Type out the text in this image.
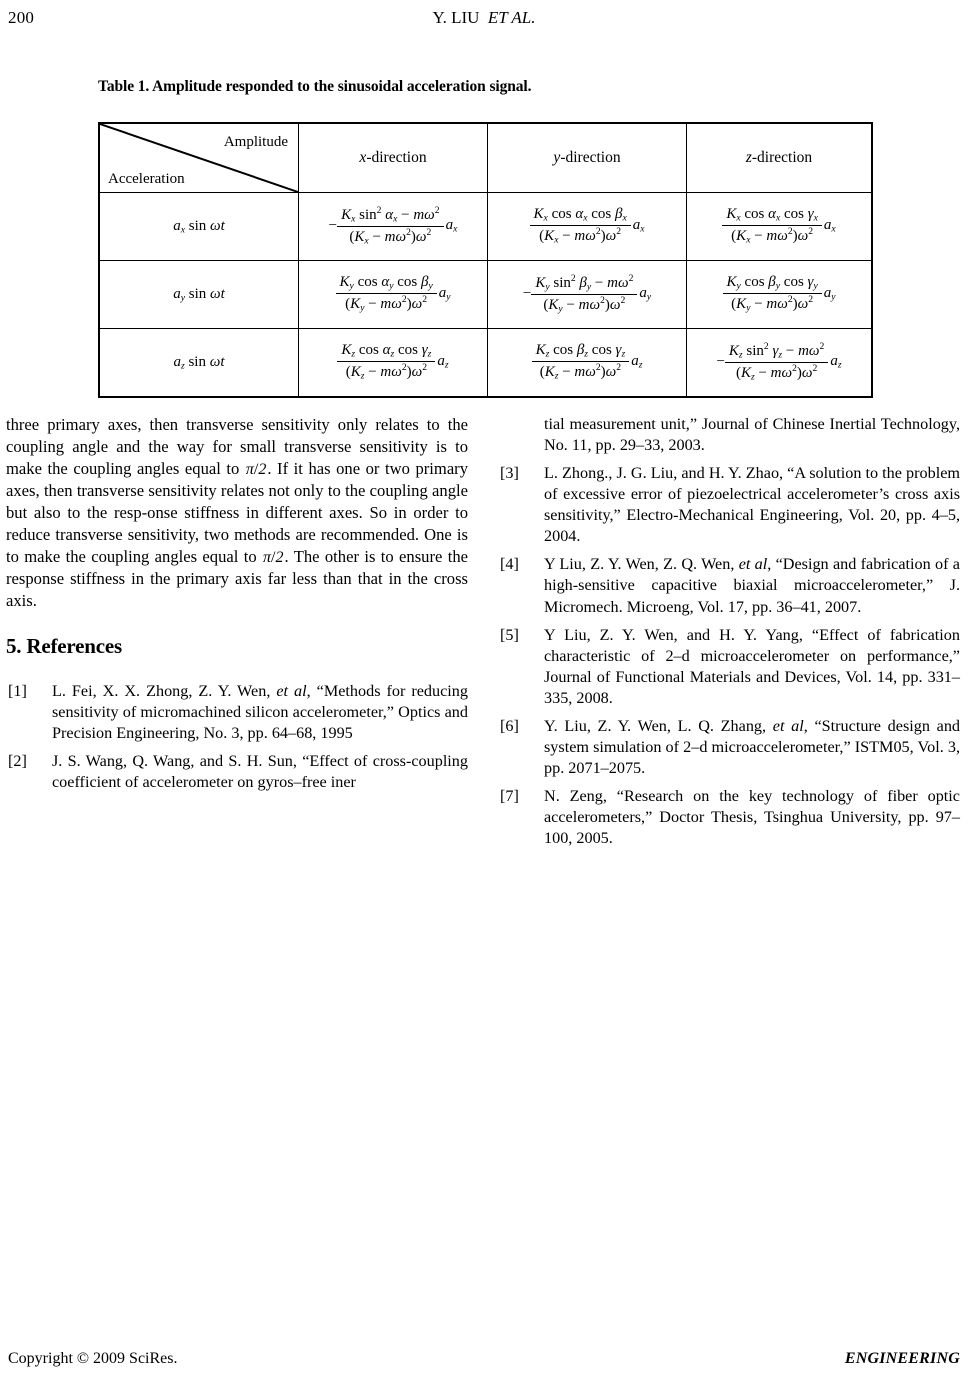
200	Y. LIU ET AL.
Table 1. Amplitude responded to the sinusoidal acceleration signal.
Amplitude
Acceleration	x-direction	y-direction	z-direction
$a_x$ sin ωt	− $\frac{K_x \sin^2 \alpha_x - m\omega^2}{(K_x - m\omega^2)\omega^2} a_x$	$\frac{K_x \cos \alpha_x \cos \beta_x}{(K_x - m\omega^2)\omega^2} a_x$	$\frac{K_x \cos \alpha_x \cos \gamma_x}{(K_x - m\omega^2)\omega^2} a_x$
$a_y$ sin ωt	$\frac{K_y \cos \alpha_y \cos \beta_y}{(K_y - m\omega^2)\omega^2} a_y$	− $\frac{K_y \sin^2 \beta_y - m\omega^2}{(K_y - m\omega^2)\omega^2} a_y$	$\frac{K_y \cos \beta_y \cos \gamma_y}{(K_y - m\omega^2)\omega^2} a_y$
$a_z$ sin ωt	$\frac{K_z \cos \alpha_z \cos \gamma_z}{(K_z - m\omega^2)\omega^2} a_z$	$\frac{K_z \cos \beta_z \cos \gamma_z}{(K_z - m\omega^2)\omega^2} a_z$	− $\frac{K_z \sin^2 \gamma_z - m\omega^2}{(K_z - m\omega^2)\omega^2} a_z$

three primary axes, then transverse sensitivity only relates to the coupling angle and the way for small transverse sensitivity is to make the coupling angles equal to π/2. If it has one or two primary axes, then transverse sensitivity relates not only to the coupling angle but also to the resp-onse stiffness in different axes. So in order to reduce transverse sensitivity, two methods are recommended. One is to make the coupling angles equal to π/2. The other is to ensure the response stiffness in the primary axis far less than that in the cross axis.

5. References
[1] L. Fei, X. X. Zhong, Z. Y. Wen, et al, “Methods for reducing sensitivity of micromachined silicon accelerometer,” Optics and Precision Engineering, No. 3, pp. 64–68, 1995
[2] J. S. Wang, Q. Wang, and S. H. Sun, “Effect of cross-coupling coefficient of accelerometer on gyros–free iner
tial measurement unit,” Journal of Chinese Inertial Technology, No. 11, pp. 29–33, 2003.
[3] L. Zhong., J. G. Liu, and H. Y. Zhao, “A solution to the problem of excessive error of piezoelectrical accelerometer’s cross axis sensitivity,” Electro-Mechanical Engineering, Vol. 20, pp. 4–5, 2004.
[4] Y Liu, Z. Y. Wen, Z. Q. Wen, et al, “Design and fabrication of a high-sensitive capacitive biaxial microaccelerometer,” J. Micromech. Microeng, Vol. 17, pp. 36–41, 2007.
[5] Y Liu, Z. Y. Wen, and H. Y. Yang, “Effect of fabrication characteristic of 2–d microaccelerometer on performance,” Journal of Functional Materials and Devices, Vol. 14, pp. 331–335, 2008.
[6] Y. Liu, Z. Y. Wen, L. Q. Zhang, et al, “Structure design and system simulation of 2–d microaccelerometer,” ISTM05, Vol. 3, pp. 2071–2075.
[7] N. Zeng, “Research on the key technology of fiber optic accelerometers,” Doctor Thesis, Tsinghua University, pp. 97–100, 2005.
Copyright © 2009 SciRes.	ENGINEERING
